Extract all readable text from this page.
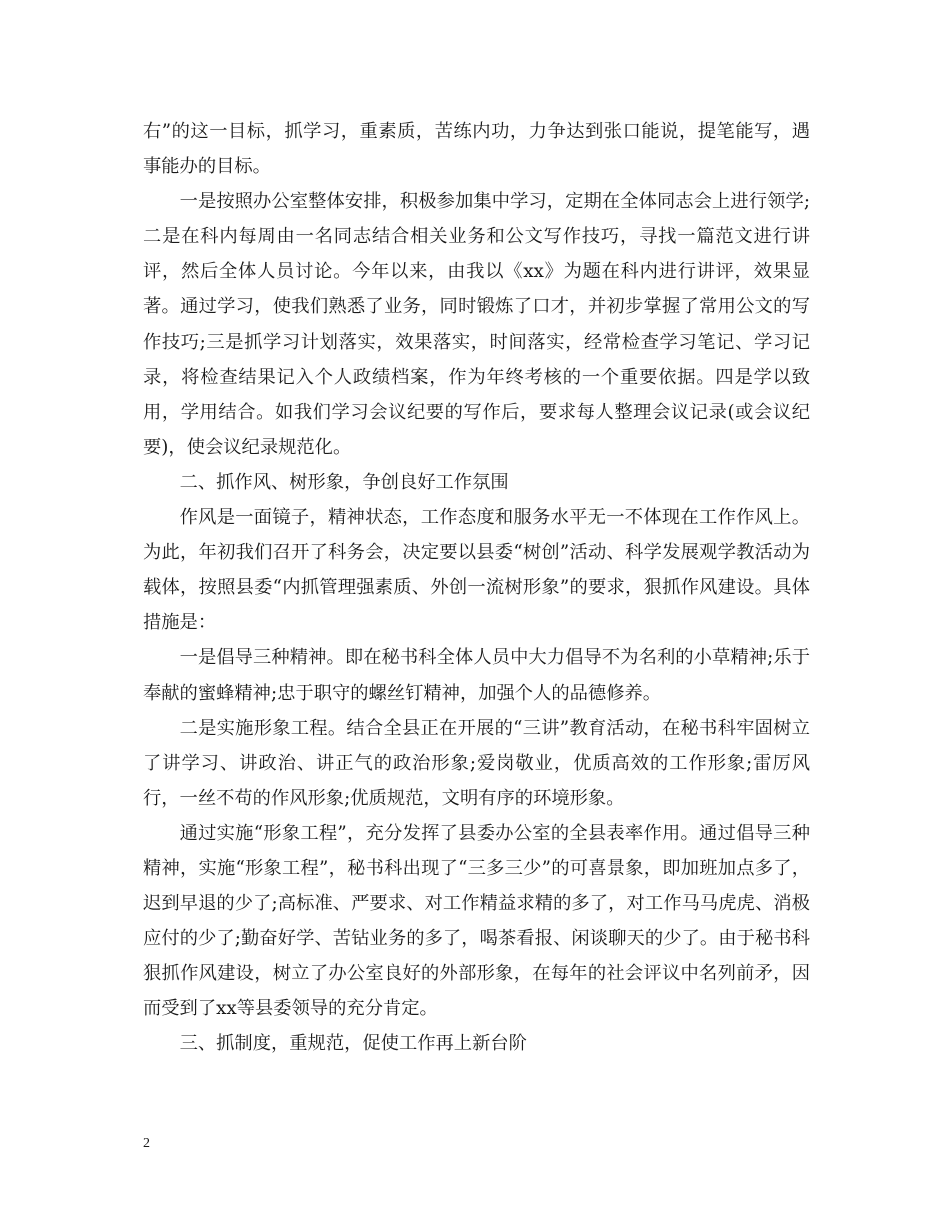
右”的这一目标，抓学习，重素质，苦练内功，力争达到张口能说，提笔能写，遇事能办的目标。

一是按照办公室整体安排，积极参加集中学习，定期在全体同志会上进行领学;二是在科内每周由一名同志结合相关业务和公文写作技巧，寻找一篇范文进行讲评，然后全体人员讨论。今年以来，由我以《xx》为题在科内进行讲评，效果显著。通过学习，使我们熟悉了业务，同时锻炼了口才，并初步掌握了常用公文的写作技巧;三是抓学习计划落实，效果落实，时间落实，经常检查学习笔记、学习记录，将检查结果记入个人政绩档案，作为年终考核的一个重要依据。四是学以致用，学用结合。如我们学习会议纪要的写作后，要求每人整理会议记录(或会议纪要)，使会议纪录规范化。

二、抓作风、树形象，争创良好工作氛围

作风是一面镜子，精神状态，工作态度和服务水平无一不体现在工作作风上。为此，年初我们召开了科务会，决定要以县委“树创”活动、科学发展观学教活动为载体，按照县委“内抓管理强素质、外创一流树形象”的要求，狠抓作风建设。具体措施是：

一是倡导三种精神。即在秘书科全体人员中大力倡导不为名利的小草精神;乐于奉献的蜜蜂精神;忠于职守的螺丝钉精神，加强个人的品德修养。

二是实施形象工程。结合全县正在开展的“三讲”教育活动，在秘书科牢固树立了讲学习、讲政治、讲正气的政治形象;爱岗敬业，优质高效的工作形象;雷厉风行，一丝不苟的作风形象;优质规范，文明有序的环境形象。

通过实施“形象工程”，充分发挥了县委办公室的全县表率作用。通过倡导三种精神，实施“形象工程”，秘书科出现了“三多三少”的可喜景象，即加班加点多了，迟到早退的少了;高标准、严要求、对工作精益求精的多了，对工作马马虎虎、消极应付的少了;勤奋好学、苦钻业务的多了，喝茶看报、闲谈聊天的少了。由于秘书科狠抓作风建设，树立了办公室良好的外部形象，在每年的社会评议中名列前矛，因而受到了xx等县委领导的充分肯定。

三、抓制度，重规范，促使工作再上新台阶

2
